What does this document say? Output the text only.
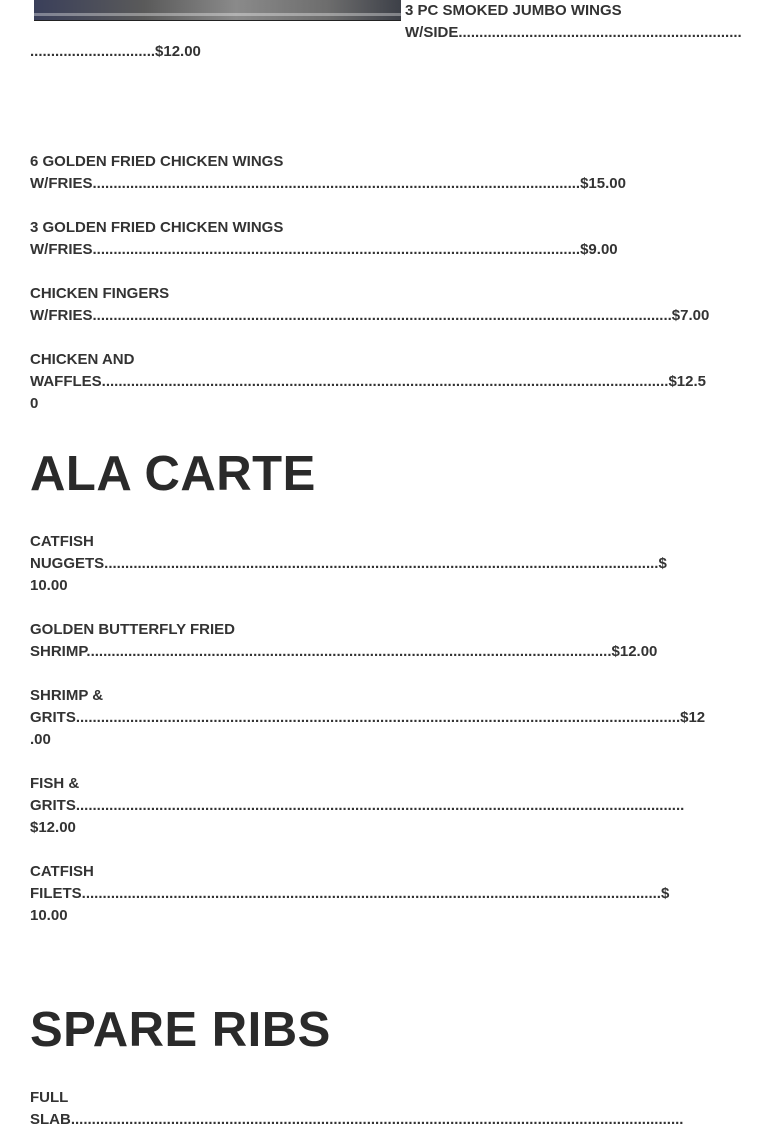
3 PC SMOKED JUMBO WINGS W/SIDE....................................................................
..............................$12.00
6 GOLDEN FRIED CHICKEN WINGS
W/FRIES.....................................................................................................................$15.00
3 GOLDEN FRIED CHICKEN WINGS
W/FRIES.....................................................................................................................$9.00
CHICKEN FINGERS
W/FRIES...........................................................................................................................................$7.00
CHICKEN AND
WAFFLES........................................................................................................................................$12.5
0
ALA CARTE
CATFISH
NUGGETS.....................................................................................................................................$
10.00
GOLDEN BUTTERFLY FRIED
SHRIMP..............................................................................................................................$12.00
SHRIMP &
GRITS.................................................................................................................................................$12
.00
FISH &
GRITS..................................................................................................................................................
$12.00
CATFISH
FILETS...........................................................................................................................................$
10.00
SPARE RIBS
FULL
SLAB...................................................................................................................................................
